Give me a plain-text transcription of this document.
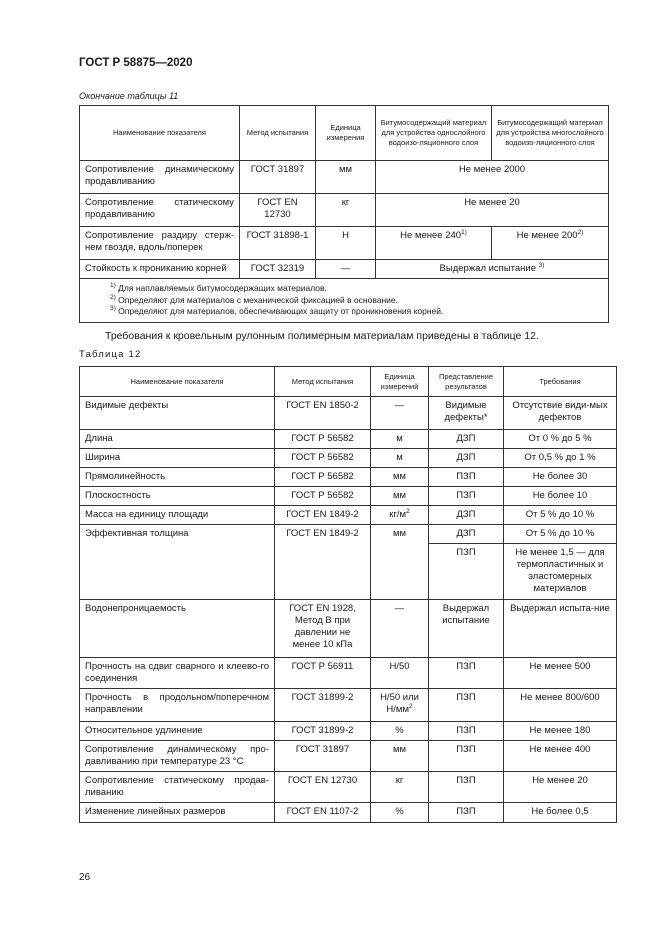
ГОСТ Р 58875—2020
Окончание таблицы 11
Наименование показателя	Метод испытания	Единица измерения	Битумосодержащий материал для устройства однослойного водоизо-ляционного слоя	Битумосодержащий материал для устройства многослойного водоизо-ляционного слоя
Сопротивление динамическому продавливанию	ГОСТ 31897	мм	Не менее 2000	
Сопротивление статическому продавливанию	ГОСТ EN 12730	кг	Не менее 20	
Сопротивление раздиру стерж-нем гвоздя, вдоль/поперек	ГОСТ 31898-1	Н	Не менее 240$^{1)}$	Не менее 200$^{2)}$
Стойкость к прониканию корней	ГОСТ 32319	—	Выдержал испытание $^{3)}$

$^{1)}$ Для наплавляемых битумосодержащих материалов.
$^{2)}$ Определяют для материалов с механической фиксацией в основание.
$^{3)}$ Определяют для материалов, обеспечивающих защиту от проникновения корней.				
Требования к кровельным рулонным полимерным материалам приведены в таблице 12.
Таблица 12
Наименование показателя	Метод испытания	Единица измерений	Представление результатов	Требования
Видимые дефекты	ГОСТ EN 1850-2	—	Видимые дефекты*	Отсутствие види-мых дефектов
Длина	ГОСТ Р 56582	м	ДЗП	От 0 % до 5 %
Ширина	ГОСТ Р 56582	м	ДЗП	От 0,5 % до 1 %
Прямолинейность	ГОСТ Р 56582	мм	ПЗП	Не более 30
Плоскостность	ГОСТ Р 56582	мм	ПЗП	Не более 10
Масса на единицу площади	ГОСТ EN 1849-2	$кг/м^2$	ДЗП	От 5 % до 10 %
Эффективная толщина	ГОСТ EN 1849-2	мм	ДЗП	От 5 % до 10 %
			ПЗП	Не менее 1,5 — для термопластичных и эластомерных материалов
Водонепроницаемость	ГОСТ EN 1928, Метод В при давлении не менее 10 кПа	—	Выдержал испытание	Выдержал испыта-ние
Прочность на сдвиг сварного и клеево-го соединения	ГОСТ Р 56911	Н/50	ПЗП	Не менее 500
Прочность в продольном/поперечном направлении	ГОСТ 31899-2	Н/50 или $Н/мм^2$	ПЗП	Не менее 800/600
Относительное удлинение	ГОСТ 31899-2	%	ПЗП	Не менее 180
Сопротивление динамическому про-давливанию при температуре 23 °С	ГОСТ 31897	мм	ПЗП	Не менее 400
Сопротивление статическому продав-ливанию	ГОСТ EN 12730	кг	ПЗП	Не менее 20
Изменение линейных размеров	ГОСТ EN 1107-2	%	ПЗП	Не более 0,5
26
